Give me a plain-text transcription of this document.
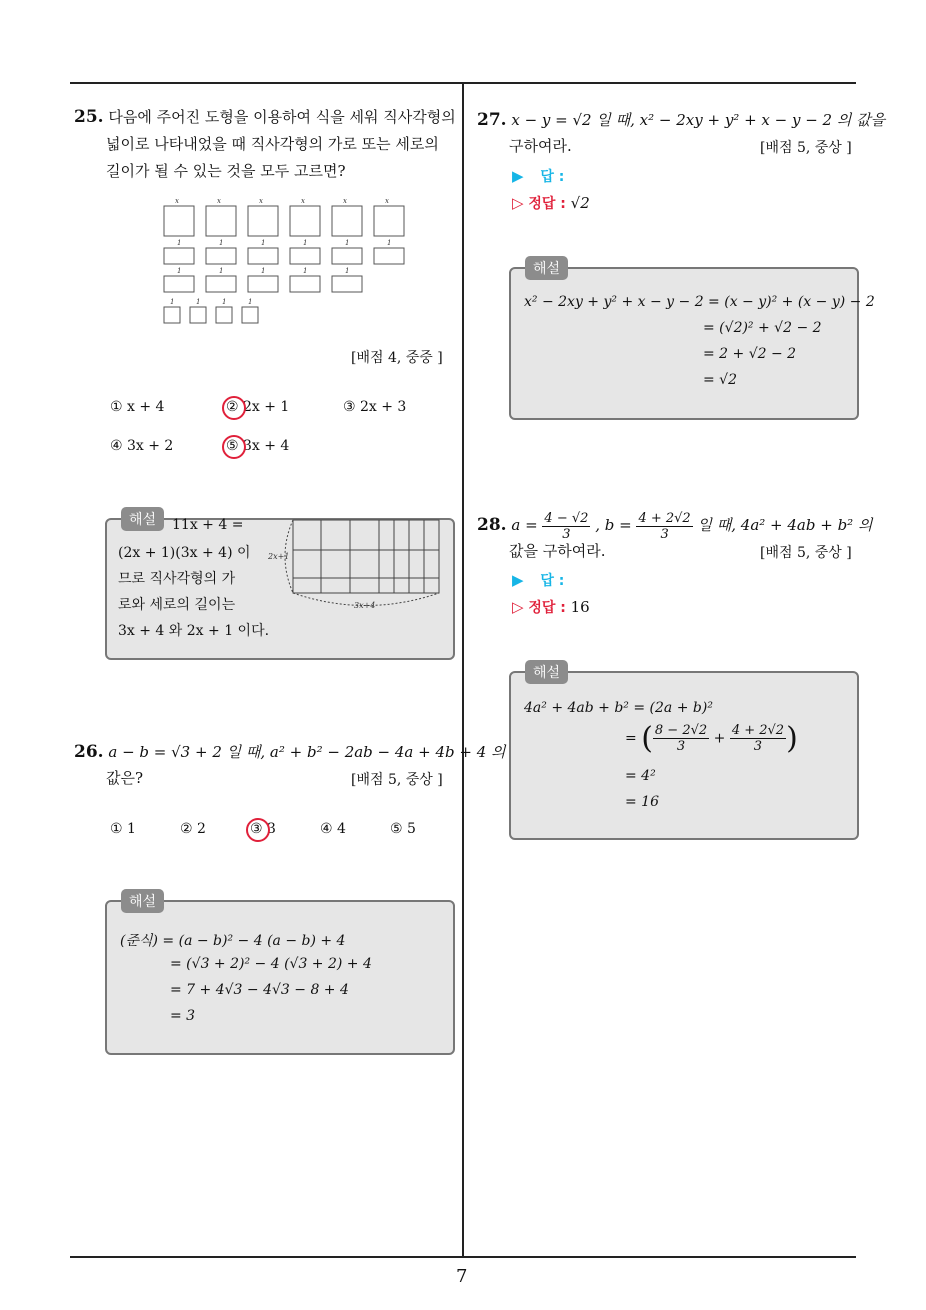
7
25. 다음에 주어진 도형을 이용하여 식을 세워 직사각형의
넓이로 나타내었을 때 직사각형의 가로 또는 세로의
길이가 될 수 있는 것을 모두 고르면?
x	x	x	x	x	x
1	1	1	1	1	1
1	1	1	1	1
1	1	1	1
[배점 4, 중중 ]
① x + 4	② 2x + 1	③ 2x + 3
④ 3x + 2	⑤ 3x + 4
해설	11x + 4 =
(2x + 1)(3x + 4) 이
므로 직사각형의 가
로와 세로의 길이는
3x + 4 와 2x + 1 이다.
2x+1
3x+4
26. a − b = √3 + 2 일 때, a² + b² − 2ab − 4a + 4b + 4 의
값은?	[배점 5, 중상 ]
① 1	② 2	③ 3	④ 4	⑤ 5
해설
(준식) = (a − b)² − 4 (a − b) + 4
= (√3 + 2)² − 4 (√3 + 2) + 4
= 7 + 4√3 − 4√3 − 8 + 4
= 3
27. x − y = √2 일 때, x² − 2xy + y² + x − y − 2 의 값을
구하여라.	[배점 5, 중상 ]
▶ 답 :
▷ 정답 : √2
해설
x² − 2xy + y² + x − y − 2 = (x − y)² + (x − y) − 2
= (√2)² + √2 − 2
= 2 + √2 − 2
= √2
28. $a = \frac{4 - √2}{3}$ , $b = \frac{4 + 2√2}{3}$ 일 때, 4a² + 4ab + b² 의
값을 구하여라.	[배점 5, 중상 ]
▶ 답 :
▷ 정답 : 16
해설
4a² + 4ab + b² = (2a + b)²
= ( $\frac{8 - 2√2}{3} + \frac{4 + 2√2}{3}$ )
= 4²
= 16
